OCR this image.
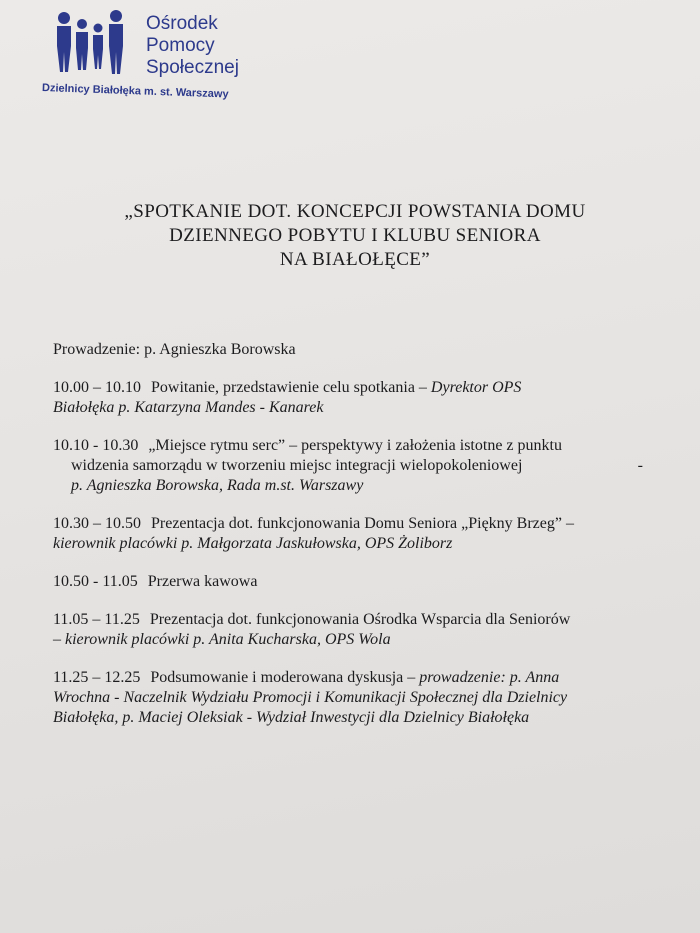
Ośrodek
Pomocy
Społecznej
Dzielnicy Białołęka m. st. Warszawy
„SPOTKANIE DOT. KONCEPCJI POWSTANIA DOMU
DZIENNEGO POBYTU I KLUBU SENIORA
NA BIAŁOŁĘCE”
Prowadzenie: p. Agnieszka Borowska
10.00 – 10.10 Powitanie, przedstawienie celu spotkania – Dyrektor OPS
Białołęka p. Katarzyna Mandes - Kanarek
10.10 - 10.30 „Miejsce rytmu serc” – perspektywy i założenia istotne z punktu
widzenia samorządu w tworzeniu miejsc integracji wielopokoleniowej	-
p. Agnieszka Borowska, Rada m.st. Warszawy
10.30 – 10.50 Prezentacja dot. funkcjonowania Domu Seniora „Piękny Brzeg” –
kierownik placówki p. Małgorzata Jaskułowska, OPS Żoliborz
10.50 - 11.05 Przerwa kawowa
11.05 – 11.25 Prezentacja dot. funkcjonowania Ośrodka Wsparcia dla Seniorów
– kierownik placówki p. Anita Kucharska, OPS Wola
11.25 – 12.25 Podsumowanie i moderowana dyskusja – prowadzenie: p. Anna
Wrochna - Naczelnik Wydziału Promocji i Komunikacji Społecznej dla Dzielnicy
Białołęka, p. Maciej Oleksiak - Wydział Inwestycji dla Dzielnicy Białołęka
